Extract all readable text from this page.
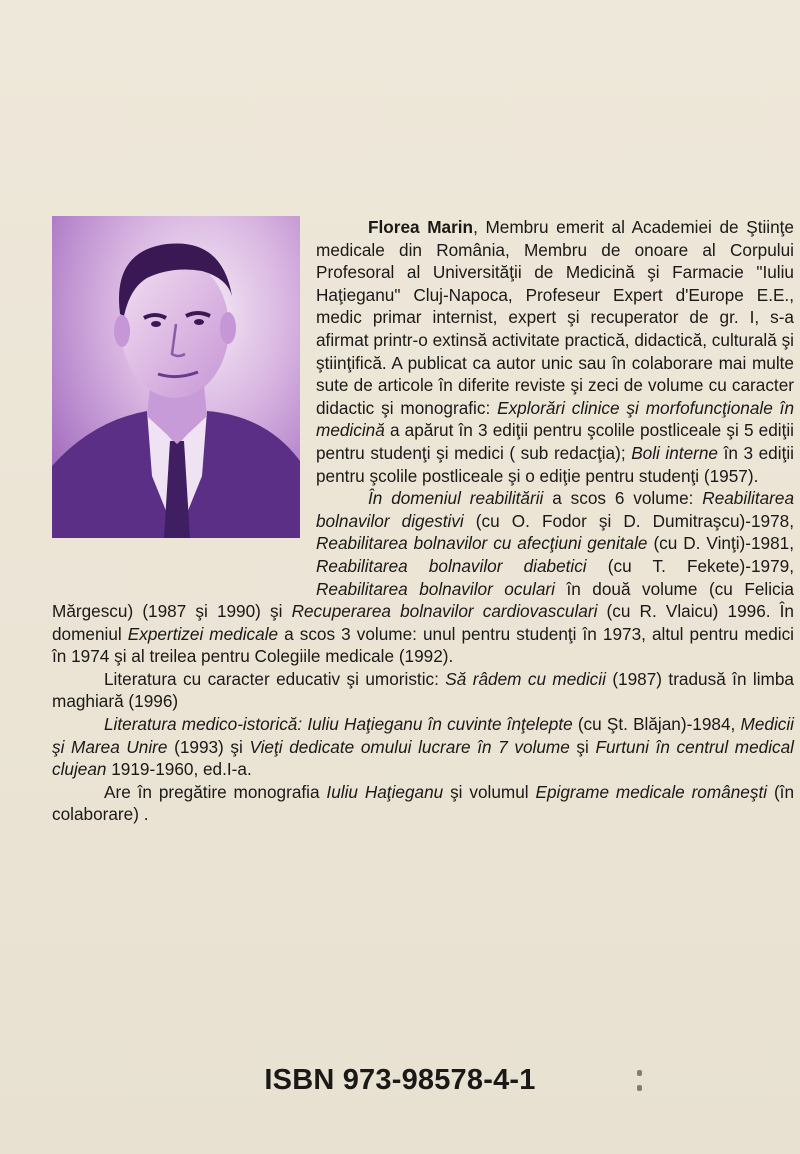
Florea Marin, Membru emerit al Academiei de Ştiinţe medicale din România, Membru de onoare al Corpului Profesoral al Universităţii de Medicină şi Farmacie "Iuliu Haţieganu" Cluj-Napoca, Profeseur Expert d'Europe E.E., medic primar internist, expert şi recuperator de gr. I, s-a afirmat printr-o extinsă activitate practică, didactică, culturală şi ştiinţifică. A publicat ca autor unic sau în colaborare mai multe sute de articole în diferite reviste şi zeci de volume cu caracter didactic şi monografic: Explorări clinice şi morfofuncţionale în medicină a apărut în 3 ediţii pentru şcolile postliceale şi 5 ediţii pentru studenţi şi medici ( sub redacţia); Boli interne în 3 ediţii pentru şcolile postliceale şi o ediţie pentru studenţi (1957).

În domeniul reabilitării a scos 6 volume: Reabilitarea bolnavilor digestivi (cu O. Fodor şi D. Dumitraşcu)-1978, Reabilitarea bolnavilor cu afecţiuni genitale (cu D. Vinţi)-1981, Reabilitarea bolnavilor diabetici (cu T. Fekete)-1979, Reabilitarea bolnavilor oculari în două volume (cu Felicia Mărgescu) (1987 şi 1990) şi Recuperarea bolnavilor cardiovasculari (cu R. Vlaicu) 1996. În domeniul Expertizei medicale a scos 3 volume: unul pentru studenţi în 1973, altul pentru medici în 1974 şi al treilea pentru Colegiile medicale (1992).

Literatura cu caracter educativ şi umoristic: Să râdem cu medicii (1987) tradusă în limba maghiară (1996)

Literatura medico-istorică: Iuliu Haţieganu în cuvinte înţelepte (cu Şt. Blăjan)-1984, Medicii şi Marea Unire (1993) şi Vieţi dedicate omului lucrare în 7 volume şi Furtuni în centrul medical clujean 1919-1960, ed.I-a.

Are în pregătire monografia Iuliu Haţieganu şi volumul Epigrame medicale româneşti (în colaborare) .

ISBN 973-98578-4-1
